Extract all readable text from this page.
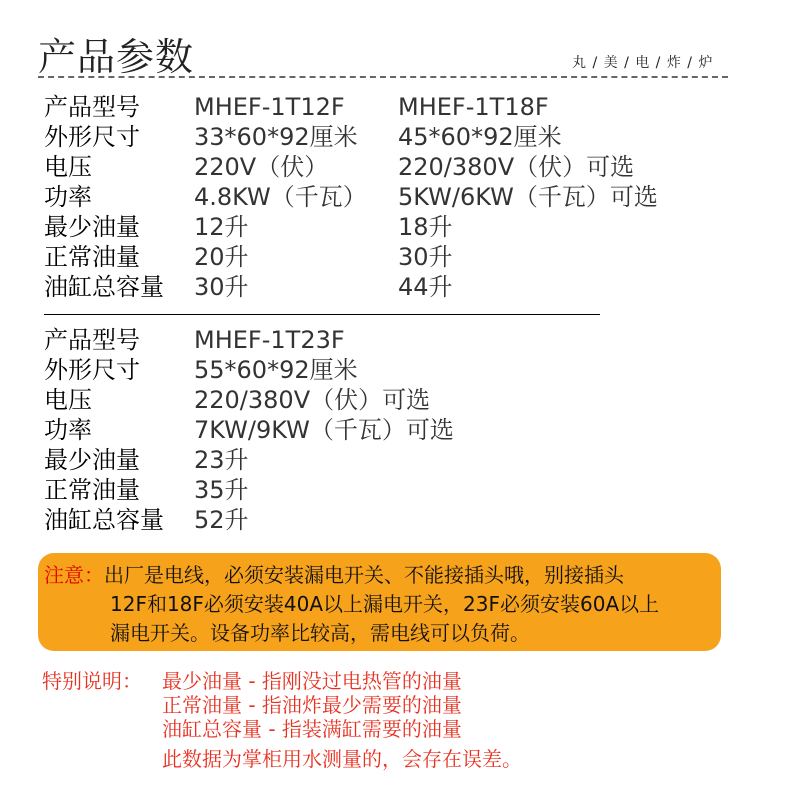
产品参数	丸 / 美 / 电 / 炸 / 炉
产品型号 MHEF-1T12F MHEF-1T18F
外形尺寸 33*60*92厘米 45*60*92厘米
电压	220V（伏）	220/380V（伏）可选
功率	4.8KW（千瓦） 5KW/6KW（千瓦）可选
最少油量 12升	18升
正常油量 20升	30升
油缸总容量 30升	44升
产品型号 MHEF-1T23F
外形尺寸 55*60*92厘米
电压	220/380V（伏）可选
功率	7KW/9KW（千瓦）可选
最少油量 23升
正常油量 35升
油缸总容量 52升
注意：出厂是电线，必须安装漏电开关、不能接插头哦，别接插头
12F和18F必须安装40A以上漏电开关，23F必须安装60A以上
漏电开关。设备功率比较高，需电线可以负荷。
特别说明： 最少油量 - 指刚没过电热管的油量
正常油量 - 指油炸最少需要的油量
油缸总容量 - 指装满缸需要的油量
此数据为掌柜用水测量的，会存在误差。
